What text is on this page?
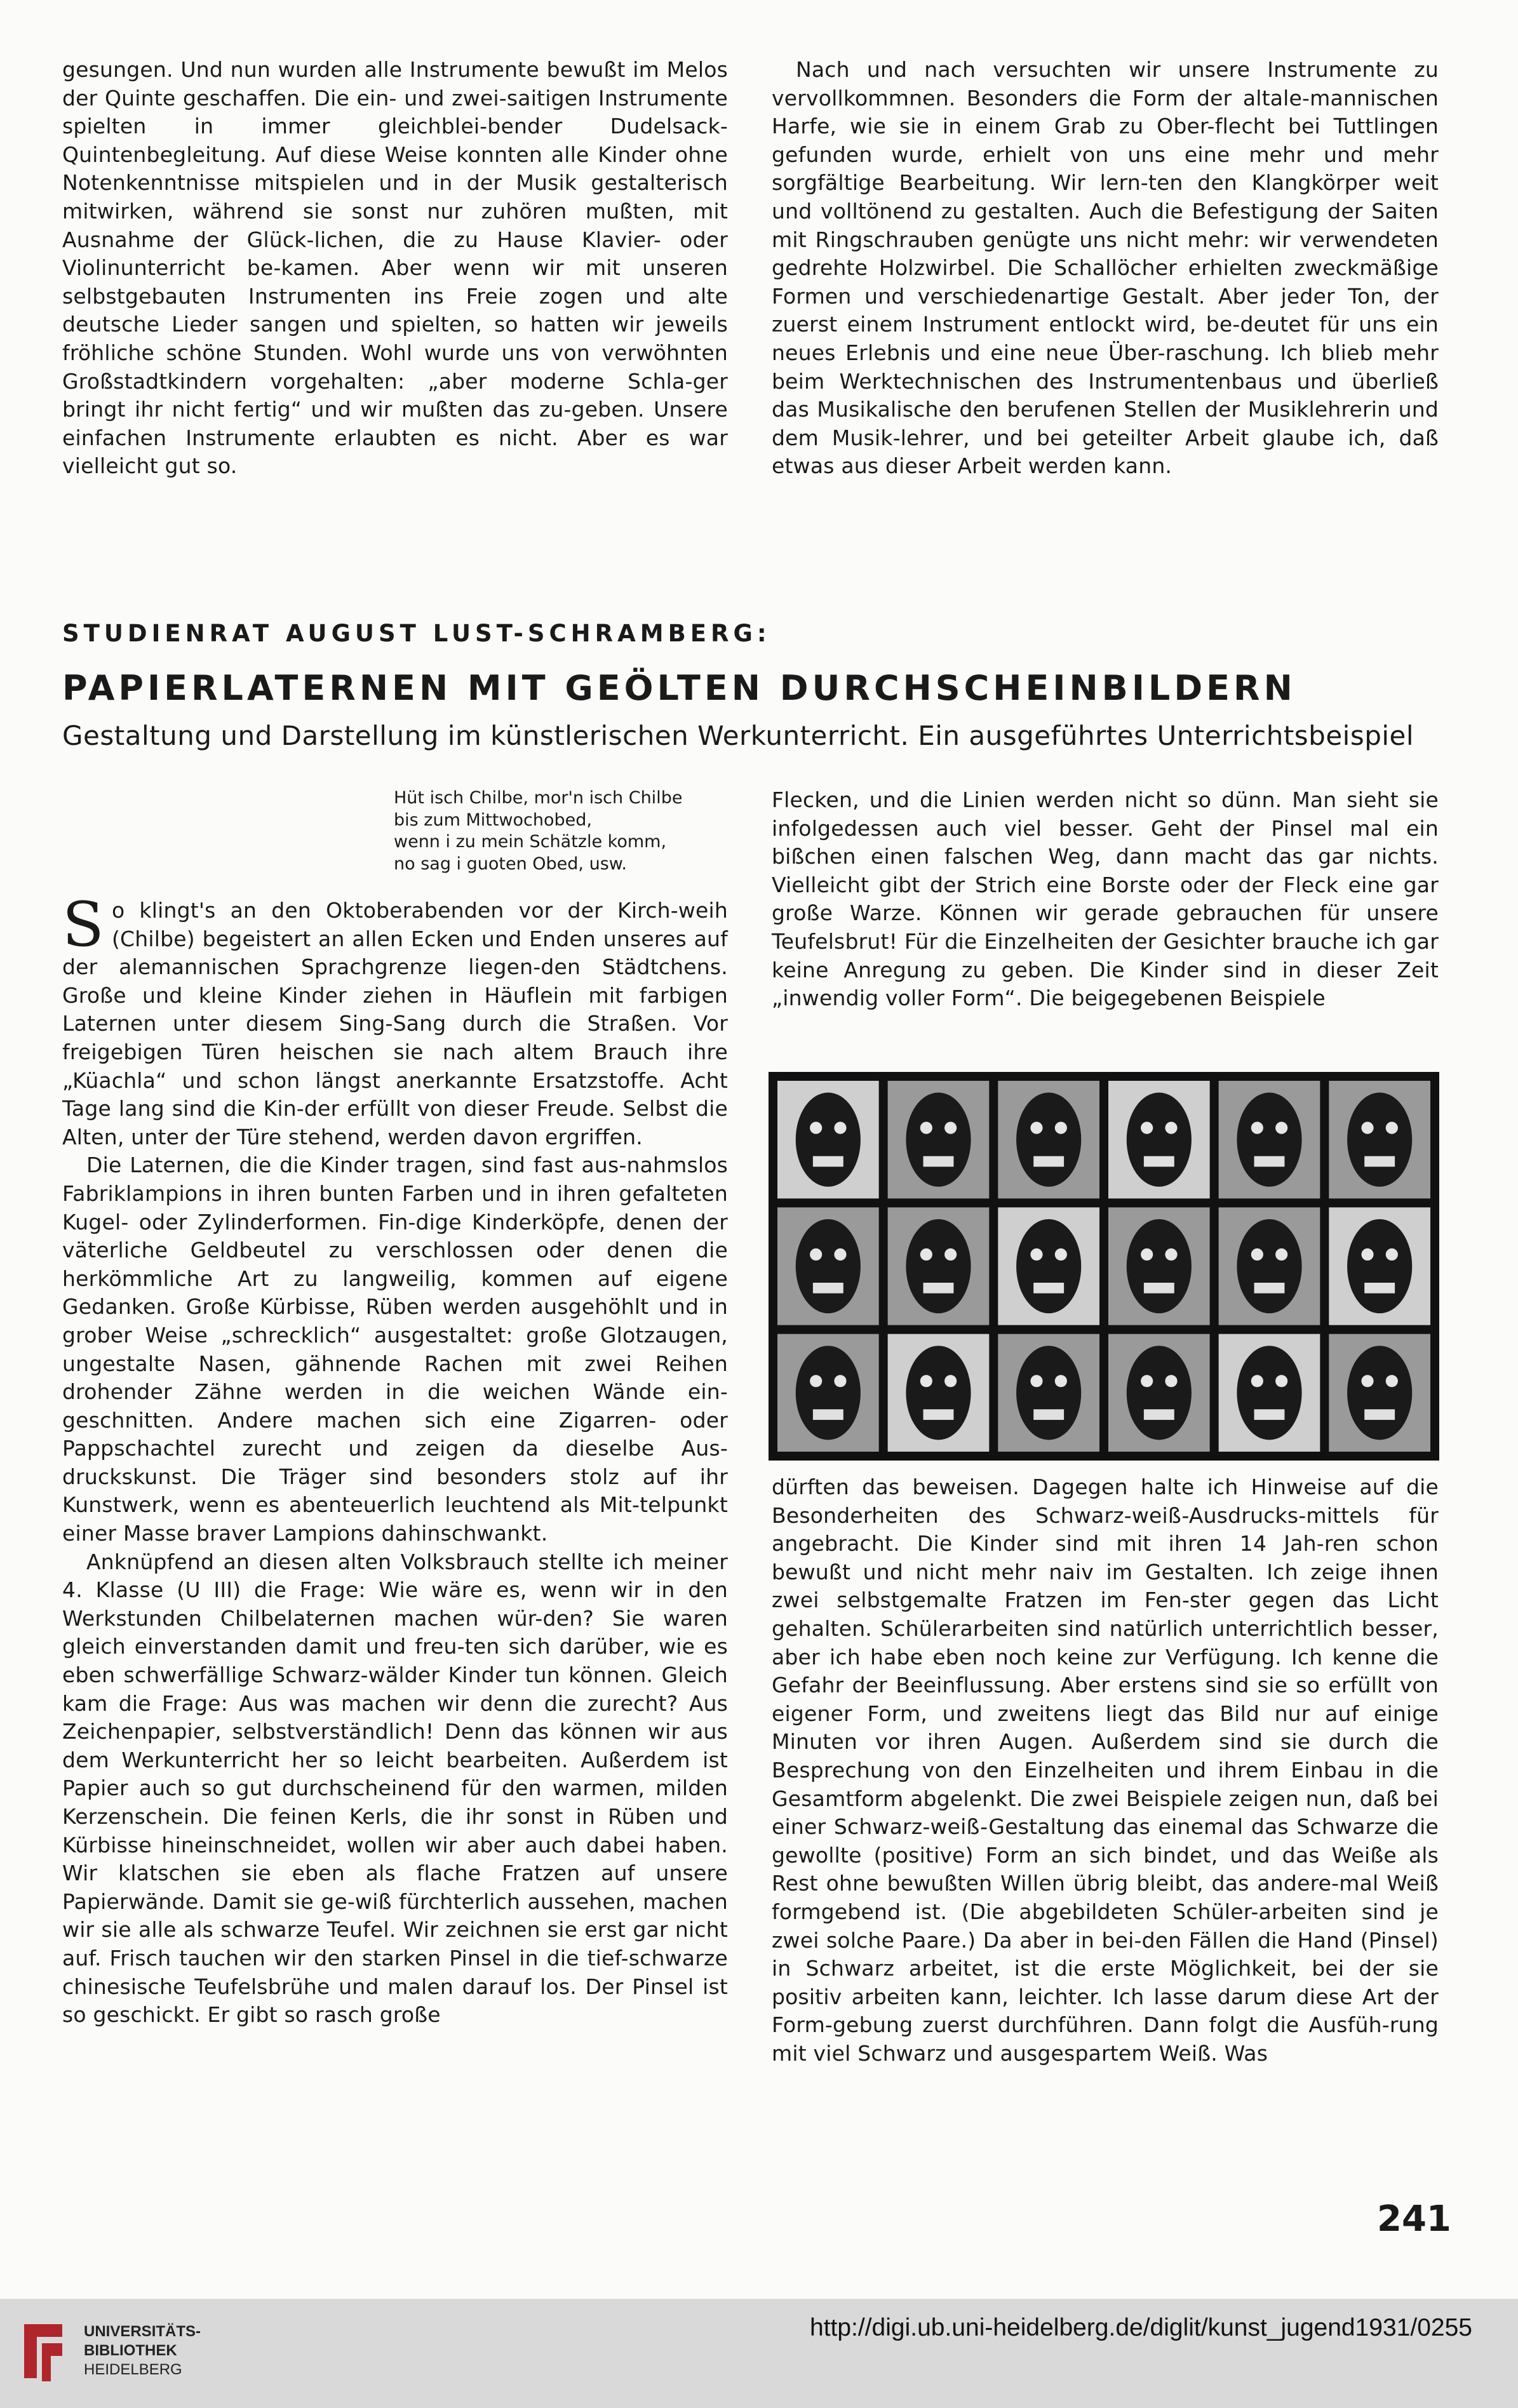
gesungen. Und nun wurden alle Instrumente bewußt im Melos der Quinte geschaffen. Die ein- und zwei-saitigen Instrumente spielten in immer gleichblei-bender Dudelsack-Quintenbegleitung. Auf diese Weise konnten alle Kinder ohne Notenkenntnisse mitspielen und in der Musik gestalterisch mitwirken, während sie sonst nur zuhören mußten, mit Ausnahme der Glück-lichen, die zu Hause Klavier- oder Violinunterricht be-kamen. Aber wenn wir mit unseren selbstgebauten Instrumenten ins Freie zogen und alte deutsche Lieder sangen und spielten, so hatten wir jeweils fröhliche schöne Stunden. Wohl wurde uns von verwöhnten Großstadtkindern vorgehalten: „aber moderne Schla-ger bringt ihr nicht fertig“ und wir mußten das zu-geben. Unsere einfachen Instrumente erlaubten es nicht. Aber es war vielleicht gut so.

Nach und nach versuchten wir unsere Instrumente zu vervollkommnen. Besonders die Form der altale-mannischen Harfe, wie sie in einem Grab zu Ober-flecht bei Tuttlingen gefunden wurde, erhielt von uns eine mehr und mehr sorgfältige Bearbeitung. Wir lern-ten den Klangkörper weit und volltönend zu gestalten. Auch die Befestigung der Saiten mit Ringschrauben genügte uns nicht mehr: wir verwendeten gedrehte Holzwirbel. Die Schallöcher erhielten zweckmäßige Formen und verschiedenartige Gestalt. Aber jeder Ton, der zuerst einem Instrument entlockt wird, be-deutet für uns ein neues Erlebnis und eine neue Über-raschung. Ich blieb mehr beim Werktechnischen des Instrumentenbaus und überließ das Musikalische den berufenen Stellen der Musiklehrerin und dem Musik-lehrer, und bei geteilter Arbeit glaube ich, daß etwas aus dieser Arbeit werden kann.

STUDIENRAT AUGUST LUST-SCHRAMBERG:
PAPIERLATERNEN MIT GEÖLTEN DURCHSCHEINBILDERN
Gestaltung und Darstellung im künstlerischen Werkunterricht. Ein ausgeführtes Unterrichtsbeispiel
Hüt isch Chilbe, mor'n isch Chilbe
bis zum Mittwochobed,
wenn i zu mein Schätzle komm,
no sag i guoten Obed, usw.

So klingt's an den Oktoberabenden vor der Kirch-weih (Chilbe) begeistert an allen Ecken und Enden unseres auf der alemannischen Sprachgrenze liegen-den Städtchens. Große und kleine Kinder ziehen in Häuflein mit farbigen Laternen unter diesem Sing-Sang durch die Straßen. Vor freigebigen Türen heischen sie nach altem Brauch ihre „Küachla“ und schon längst anerkannte Ersatzstoffe. Acht Tage lang sind die Kin-der erfüllt von dieser Freude. Selbst die Alten, unter der Türe stehend, werden davon ergriffen.

Die Laternen, die die Kinder tragen, sind fast aus-nahmslos Fabriklampions in ihren bunten Farben und in ihren gefalteten Kugel- oder Zylinderformen. Fin-dige Kinderköpfe, denen der väterliche Geldbeutel zu verschlossen oder denen die herkömmliche Art zu langweilig, kommen auf eigene Gedanken. Große Kürbisse, Rüben werden ausgehöhlt und in grober Weise „schrecklich“ ausgestaltet: große Glotzaugen, ungestalte Nasen, gähnende Rachen mit zwei Reihen drohender Zähne werden in die weichen Wände ein-geschnitten. Andere machen sich eine Zigarren- oder Pappschachtel zurecht und zeigen da dieselbe Aus-druckskunst. Die Träger sind besonders stolz auf ihr Kunstwerk, wenn es abenteuerlich leuchtend als Mit-telpunkt einer Masse braver Lampions dahinschwankt.

Anknüpfend an diesen alten Volksbrauch stellte ich meiner 4. Klasse (U III) die Frage: Wie wäre es, wenn wir in den Werkstunden Chilbelaternen machen wür-den? Sie waren gleich einverstanden damit und freu-ten sich darüber, wie es eben schwerfällige Schwarz-wälder Kinder tun können. Gleich kam die Frage: Aus was machen wir denn die zurecht? Aus Zeichenpapier, selbstverständlich! Denn das können wir aus dem Werkunterricht her so leicht bearbeiten. Außerdem ist Papier auch so gut durchscheinend für den warmen, milden Kerzenschein. Die feinen Kerls, die ihr sonst in Rüben und Kürbisse hineinschneidet, wollen wir aber auch dabei haben. Wir klatschen sie eben als flache Fratzen auf unsere Papierwände. Damit sie ge-wiß fürchterlich aussehen, machen wir sie alle als schwarze Teufel. Wir zeichnen sie erst gar nicht auf. Frisch tauchen wir den starken Pinsel in die tief-schwarze chinesische Teufelsbrühe und malen darauf los. Der Pinsel ist so geschickt. Er gibt so rasch große

Flecken, und die Linien werden nicht so dünn. Man sieht sie infolgedessen auch viel besser. Geht der Pinsel mal ein bißchen einen falschen Weg, dann macht das gar nichts. Vielleicht gibt der Strich eine Borste oder der Fleck eine gar große Warze. Können wir gerade gebrauchen für unsere Teufelsbrut! Für die Einzelheiten der Gesichter brauche ich gar keine Anregung zu geben. Die Kinder sind in dieser Zeit „inwendig voller Form“. Die beigegebenen Beispiele

dürften das beweisen. Dagegen halte ich Hinweise auf die Besonderheiten des Schwarz-weiß-Ausdrucks-mittels für angebracht. Die Kinder sind mit ihren 14 Jah-ren schon bewußt und nicht mehr naiv im Gestalten. Ich zeige ihnen zwei selbstgemalte Fratzen im Fen-ster gegen das Licht gehalten. Schülerarbeiten sind natürlich unterrichtlich besser, aber ich habe eben noch keine zur Verfügung. Ich kenne die Gefahr der Beeinflussung. Aber erstens sind sie so erfüllt von eigener Form, und zweitens liegt das Bild nur auf einige Minuten vor ihren Augen. Außerdem sind sie durch die Besprechung von den Einzelheiten und ihrem Einbau in die Gesamtform abgelenkt. Die zwei Beispiele zeigen nun, daß bei einer Schwarz-weiß-Gestaltung das einemal das Schwarze die gewollte (positive) Form an sich bindet, und das Weiße als Rest ohne bewußten Willen übrig bleibt, das andere-mal Weiß formgebend ist. (Die abgebildeten Schüler-arbeiten sind je zwei solche Paare.) Da aber in bei-den Fällen die Hand (Pinsel) in Schwarz arbeitet, ist die erste Möglichkeit, bei der sie positiv arbeiten kann, leichter. Ich lasse darum diese Art der Form-gebung zuerst durchführen. Dann folgt die Ausfüh-rung mit viel Schwarz und ausgespartem Weiß. Was

241
UNIVERSITÄTS-
BIBLIOTHEK
HEIDELBERG
http://digi.ub.uni-heidelberg.de/diglit/kunst_jugend1931/0255
